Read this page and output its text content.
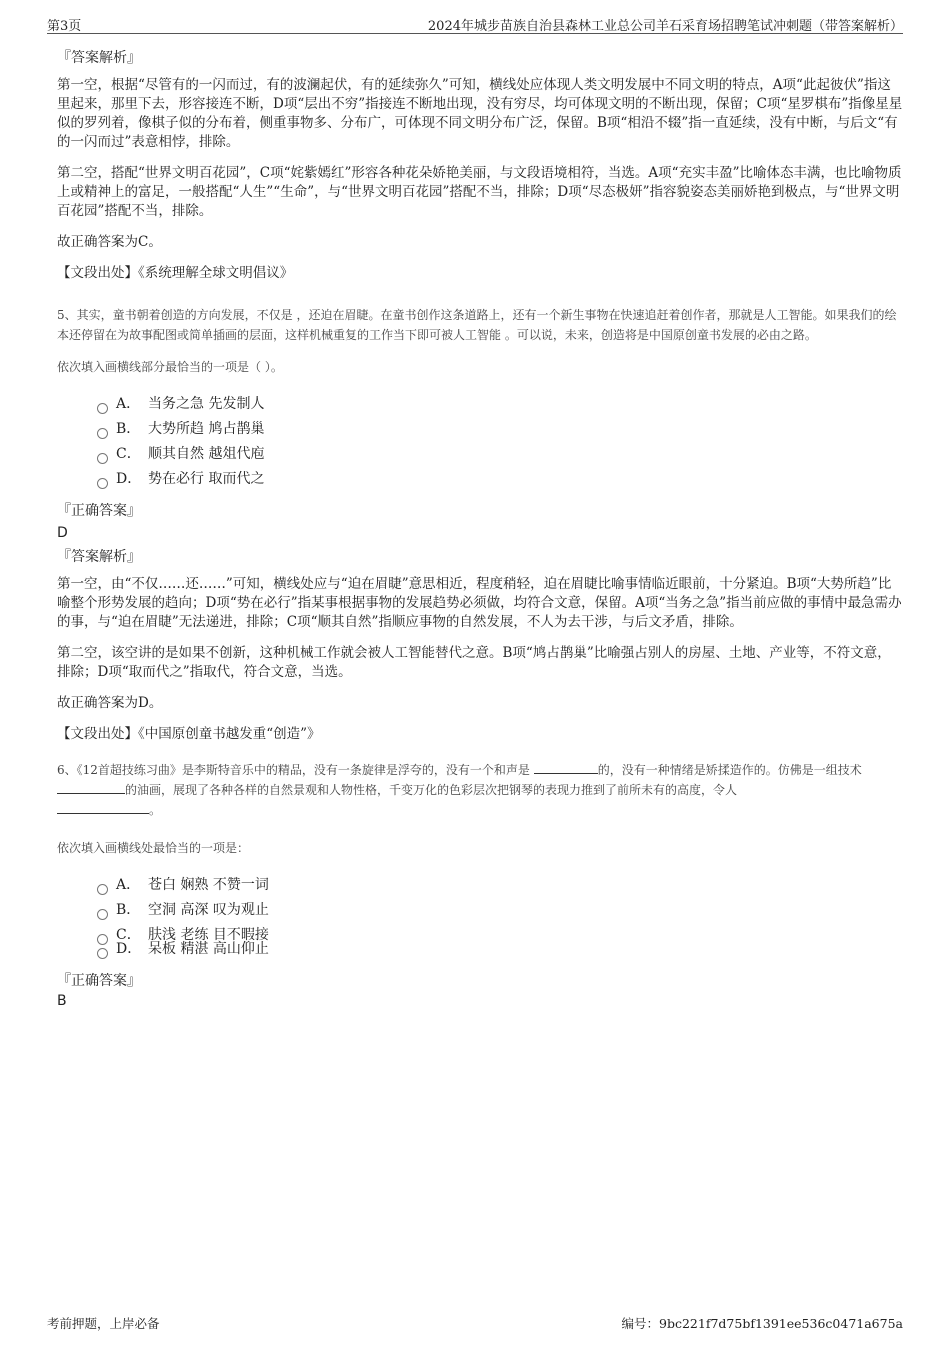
第3页	2024年城步苗族自治县森林工业总公司羊石采育场招聘笔试冲刺题（带答案解析）

『答案解析』

第一空，根据“尽管有的一闪而过，有的波澜起伏，有的延续弥久”可知，横线处应体现人类文明发展中不同文明的特点，A项“此起彼伏”指这里起来，那里下去，形容接连不断，D项“层出不穷”指接连不断地出现，没有穷尽，均可体现文明的不断出现，保留；C项“星罗棋布”指像星星似的罗列着，像棋子似的分布着，侧重事物多、分布广，可体现不同文明分布广泛，保留。B项“相沿不辍”指一直延续，没有中断，与后文“有的一闪而过”表意相悖，排除。

第二空，搭配“世界文明百花园”，C项“姹紫嫣红”形容各种花朵娇艳美丽，与文段语境相符，当选。A项“充实丰盈”比喻体态丰满，也比喻物质上或精神上的富足，一般搭配“人生”“生命”，与“世界文明百花园”搭配不当，排除；D项“尽态极妍”指容貌姿态美丽娇艳到极点，与“世界文明百花园”搭配不当，排除。

故正确答案为C。

【文段出处】《系统理解全球文明倡议》

5、其实，童书朝着创造的方向发展，不仅是 ，还迫在眉睫。在童书创作这条道路上，还有一个新生事物在快速追赶着创作者，那就是人工智能。如果我们的绘本还停留在为故事配图或简单插画的层面，这样机械重复的工作当下即可被人工智能 。可以说，未来，创造将是中国原创童书发展的必由之路。

依次填入画横线部分最恰当的一项是（ ）。

A． 当务之急 先发制人
B． 大势所趋 鸠占鹊巢
C． 顺其自然 越俎代庖
D． 势在必行 取而代之

『正确答案』

D

『答案解析』

第一空，由“不仅……还……”可知，横线处应与“迫在眉睫”意思相近，程度稍轻，迫在眉睫比喻事情临近眼前，十分紧迫。B项“大势所趋”比喻整个形势发展的趋向；D项“势在必行”指某事根据事物的发展趋势必须做，均符合文意，保留。A项“当务之急”指当前应做的事情中最急需办的事，与“迫在眉睫”无法递进，排除；C项“顺其自然”指顺应事物的自然发展，不人为去干涉，与后文矛盾，排除。

第二空，该空讲的是如果不创新，这种机械工作就会被人工智能替代之意。B项“鸠占鹊巢”比喻强占别人的房屋、土地、产业等，不符文意，排除；D项“取而代之”指取代，符合文意，当选。

故正确答案为D。

【文段出处】《中国原创童书越发重“创造”》

6、《12首超技练习曲》是李斯特音乐中的精品，没有一条旋律是浮夸的，没有一个和声是	的，没有一种情绪是矫揉造作的。仿佛是一组技术 的油画，展现了各种各样的自然景观和人物性格，千变万化的色彩层次把钢琴的表现力推到了前所未有的高度，令人
。

依次填入画横线处最恰当的一项是：

A． 苍白 娴熟 不赞一词
B． 空洞 高深 叹为观止
C． 肤浅 老练 目不暇接
D． 呆板 精湛 高山仰止

『正确答案』

B

考前押题，上岸必备	编号：9bc221f7d75bf1391ee536c0471a675a
